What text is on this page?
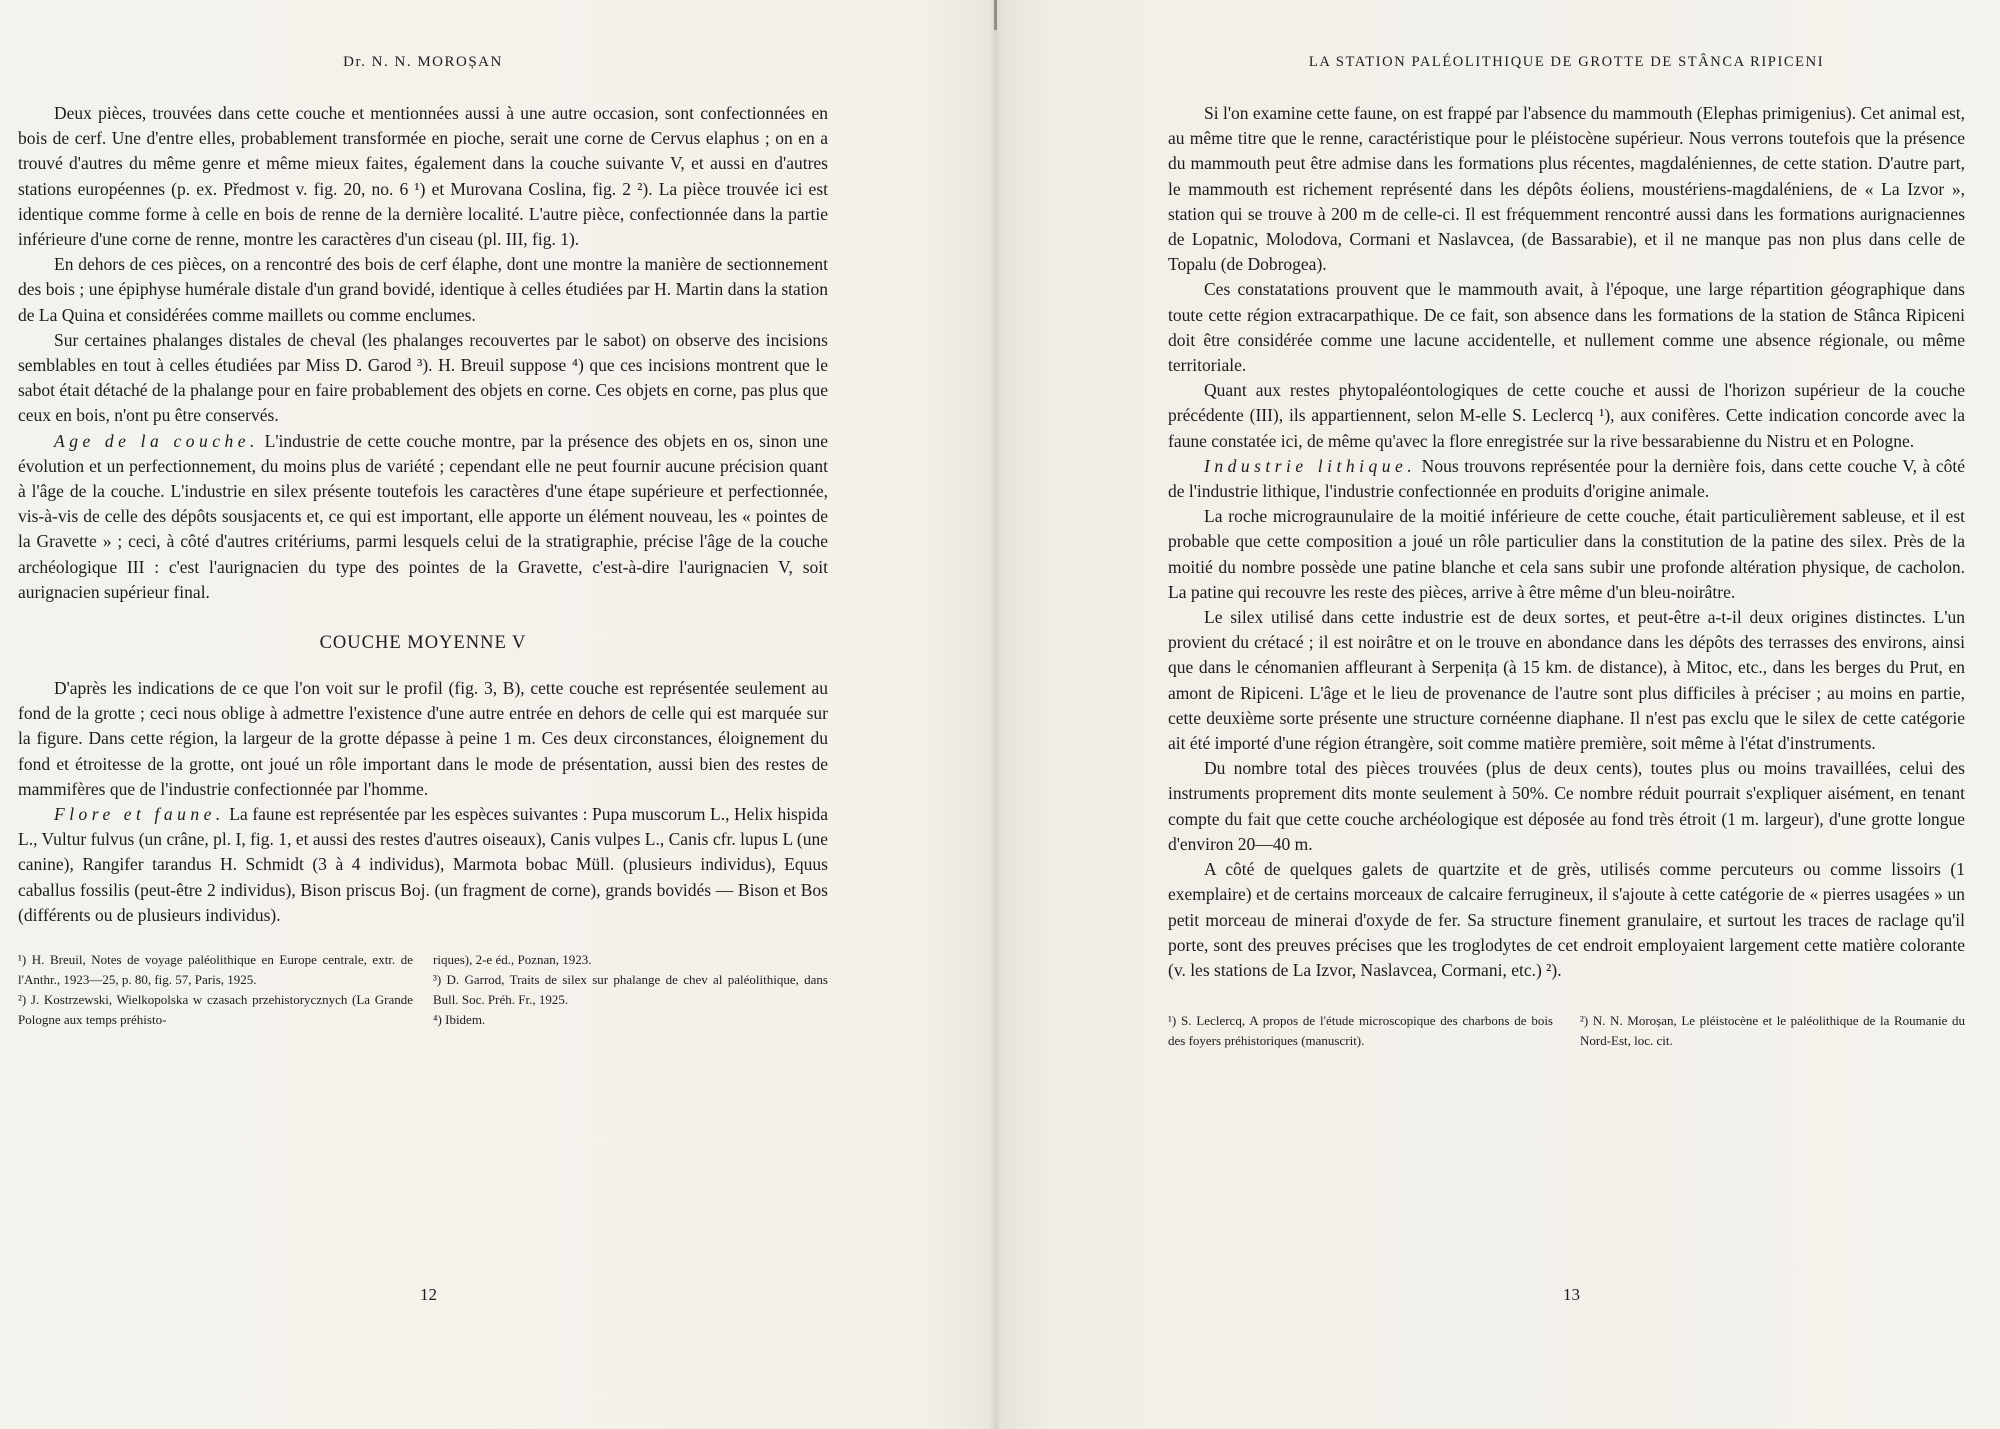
Dr. N. N. MOROȘAN

Deux pièces, trouvées dans cette couche et mentionnées aussi à une autre occasion, sont confectionnées en bois de cerf. Une d'entre elles, probablement transformée en pioche, serait une corne de Cervus elaphus ; on en a trouvé d'autres du même genre et même mieux faites, également dans la couche suivante V, et aussi en d'autres stations européennes (p. ex. Předmost v. fig. 20, no. 6 ¹) et Murovana Coslina, fig. 2 ²). La pièce trouvée ici est identique comme forme à celle en bois de renne de la dernière localité. L'autre pièce, confectionnée dans la partie inférieure d'une corne de renne, montre les caractères d'un ciseau (pl. III, fig. 1).

En dehors de ces pièces, on a rencontré des bois de cerf élaphe, dont une montre la manière de sectionnement des bois ; une épiphyse humérale distale d'un grand bovidé, identique à celles étudiées par H. Martin dans la station de La Quina et considérées comme maillets ou comme enclumes.

Sur certaines phalanges distales de cheval (les phalanges recouvertes par le sabot) on observe des incisions semblables en tout à celles étudiées par Miss D. Garod ³). H. Breuil suppose ⁴) que ces incisions montrent que le sabot était détaché de la phalange pour en faire probablement des objets en corne. Ces objets en corne, pas plus que ceux en bois, n'ont pu être conservés.

Age de la couche. L'industrie de cette couche montre, par la présence des objets en os, sinon une évolution et un perfectionnement, du moins plus de variété ; cependant elle ne peut fournir aucune précision quant à l'âge de la couche. L'industrie en silex présente toutefois les caractères d'une étape supérieure et perfectionnée, vis-à-vis de celle des dépôts sousjacents et, ce qui est important, elle apporte un élément nouveau, les « pointes de la Gravette » ; ceci, à côté d'autres critériums, parmi lesquels celui de la stratigraphie, précise l'âge de la couche archéologique III : c'est l'aurignacien du type des pointes de la Gravette, c'est-à-dire l'aurignacien V, soit aurignacien supérieur final.

COUCHE MOYENNE V

D'après les indications de ce que l'on voit sur le profil (fig. 3, B), cette couche est représentée seulement au fond de la grotte ; ceci nous oblige à admettre l'existence d'une autre entrée en dehors de celle qui est marquée sur la figure. Dans cette région, la largeur de la grotte dépasse à peine 1 m. Ces deux circonstances, éloignement du fond et étroitesse de la grotte, ont joué un rôle important dans le mode de présentation, aussi bien des restes de mammifères que de l'industrie confectionnée par l'homme.

Flore et faune. La faune est représentée par les espèces suivantes : Pupa muscorum L., Helix hispida L., Vultur fulvus (un crâne, pl. I, fig. 1, et aussi des restes d'autres oiseaux), Canis vulpes L., Canis cfr. lupus L (une canine), Rangifer tarandus H. Schmidt (3 à 4 individus), Marmota bobac Müll. (plusieurs individus), Equus caballus fossilis (peut-être 2 individus), Bison priscus Boj. (un fragment de corne), grands bovidés — Bison et Bos (différents ou de plusieurs individus).

¹) H. Breuil, Notes de voyage paléolithique en Europe centrale, extr. de l'Anthr., 1923—25, p. 80, fig. 57, Paris, 1925.

²) J. Kostrzewski, Wielkopolska w czasach przehistorycznych (La Grande Pologne aux temps préhisto-

riques), 2-e éd., Poznan, 1923.

³) D. Garrod, Traits de silex sur phalange de chev al paléolithique, dans Bull. Soc. Préh. Fr., 1925.

⁴) Ibidem.

12
LA STATION PALÉOLITHIQUE DE GROTTE DE STÂNCA RIPICENI

Si l'on examine cette faune, on est frappé par l'absence du mammouth (Elephas primigenius). Cet animal est, au même titre que le renne, caractéristique pour le pléistocène supérieur. Nous verrons toutefois que la présence du mammouth peut être admise dans les formations plus récentes, magdaléniennes, de cette station. D'autre part, le mammouth est richement représenté dans les dépôts éoliens, moustériens-magdaléniens, de « La Izvor », station qui se trouve à 200 m de celle-ci. Il est fréquemment rencontré aussi dans les formations aurignaciennes de Lopatnic, Molodova, Cormani et Naslavcea, (de Bassarabie), et il ne manque pas non plus dans celle de Topalu (de Dobrogea).

Ces constatations prouvent que le mammouth avait, à l'époque, une large répartition géographique dans toute cette région extracarpathique. De ce fait, son absence dans les formations de la station de Stânca Ripiceni doit être considérée comme une lacune accidentelle, et nullement comme une absence régionale, ou même territoriale.

Quant aux restes phytopaléontologiques de cette couche et aussi de l'horizon supérieur de la couche précédente (III), ils appartiennent, selon M-elle S. Leclercq ¹), aux conifères. Cette indication concorde avec la faune constatée ici, de même qu'avec la flore enregistrée sur la rive bessarabienne du Nistru et en Pologne.

Industrie lithique. Nous trouvons représentée pour la dernière fois, dans cette couche V, à côté de l'industrie lithique, l'industrie confectionnée en produits d'origine animale.

La roche micrograunulaire de la moitié inférieure de cette couche, était particulièrement sableuse, et il est probable que cette composition a joué un rôle particulier dans la constitution de la patine des silex. Près de la moitié du nombre possède une patine blanche et cela sans subir une profonde altération physique, de cacholon. La patine qui recouvre les reste des pièces, arrive à être même d'un bleu-noirâtre.

Le silex utilisé dans cette industrie est de deux sortes, et peut-être a-t-il deux origines distinctes. L'un provient du crétacé ; il est noirâtre et on le trouve en abondance dans les dépôts des terrasses des environs, ainsi que dans le cénomanien affleurant à Serpenița (à 15 km. de distance), à Mitoc, etc., dans les berges du Prut, en amont de Ripiceni. L'âge et le lieu de provenance de l'autre sont plus difficiles à préciser ; au moins en partie, cette deuxième sorte présente une structure cornéenne diaphane. Il n'est pas exclu que le silex de cette catégorie ait été importé d'une région étrangère, soit comme matière première, soit même à l'état d'instruments.

Du nombre total des pièces trouvées (plus de deux cents), toutes plus ou moins travaillées, celui des instruments proprement dits monte seulement à 50%. Ce nombre réduit pourrait s'expliquer aisément, en tenant compte du fait que cette couche archéologique est déposée au fond très étroit (1 m. largeur), d'une grotte longue d'environ 20—40 m.

A côté de quelques galets de quartzite et de grès, utilisés comme percuteurs ou comme lissoirs (1 exemplaire) et de certains morceaux de calcaire ferrugineux, il s'ajoute à cette catégorie de « pierres usagées » un petit morceau de minerai d'oxyde de fer. Sa structure finement granulaire, et surtout les traces de raclage qu'il porte, sont des preuves précises que les troglodytes de cet endroit employaient largement cette matière colorante (v. les stations de La Izvor, Naslavcea, Cormani, etc.) ²).

¹) S. Leclercq, A propos de l'étude microscopique des charbons de bois des foyers préhistoriques (manuscrit).

²) N. N. Moroșan, Le pléistocène et le paléolithique de la Roumanie du Nord-Est, loc. cit.

13
